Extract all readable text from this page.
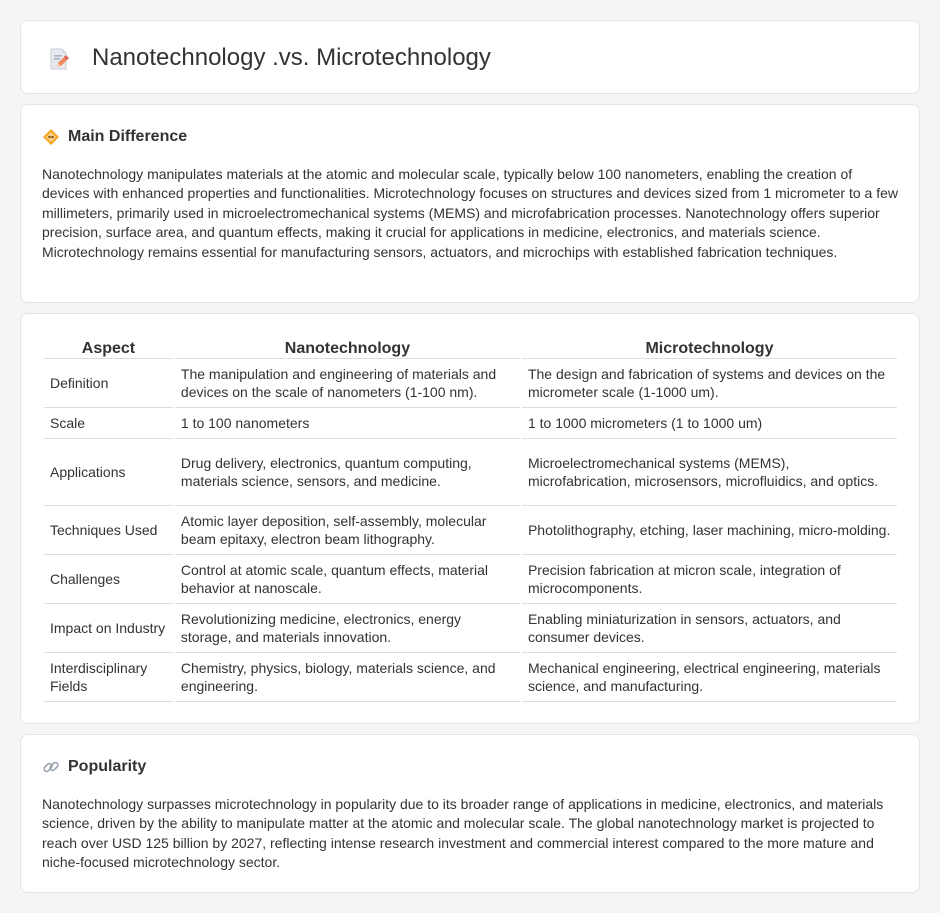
Nanotechnology .vs. Microtechnology
Main Difference

Nanotechnology manipulates materials at the atomic and molecular scale, typically below 100 nanometers, enabling the creation of devices with enhanced properties and functionalities. Microtechnology focuses on structures and devices sized from 1 micrometer to a few millimeters, primarily used in microelectromechanical systems (MEMS) and microfabrication processes. Nanotechnology offers superior precision, surface area, and quantum effects, making it crucial for applications in medicine, electronics, and materials science. Microtechnology remains essential for manufacturing sensors, actuators, and microchips with established fabrication techniques.

Aspect	Nanotechnology	Microtechnology
Definition	The manipulation and engineering of materials and devices on the scale of nanometers (1-100 nm).	The design and fabrication of systems and devices on the micrometer scale (1-1000 um).
Scale	1 to 100 nanometers	1 to 1000 micrometers (1 to 1000 um)
Applications	Drug delivery, electronics, quantum computing, materials science, sensors, and medicine.	Microelectromechanical systems (MEMS), microfabrication, microsensors, microfluidics, and optics.
Techniques Used	Atomic layer deposition, self-assembly, molecular beam epitaxy, electron beam lithography.	Photolithography, etching, laser machining, micro-molding.
Challenges	Control at atomic scale, quantum effects, material behavior at nanoscale.	Precision fabrication at micron scale, integration of microcomponents.
Impact on Industry	Revolutionizing medicine, electronics, energy storage, and materials innovation.	Enabling miniaturization in sensors, actuators, and consumer devices.
Interdisciplinary Fields	Chemistry, physics, biology, materials science, and engineering.	Mechanical engineering, electrical engineering, materials science, and manufacturing.
Popularity

Nanotechnology surpasses microtechnology in popularity due to its broader range of applications in medicine, electronics, and materials science, driven by the ability to manipulate matter at the atomic and molecular scale. The global nanotechnology market is projected to reach over USD 125 billion by 2027, reflecting intense research investment and commercial interest compared to the more mature and niche-focused microtechnology sector.
